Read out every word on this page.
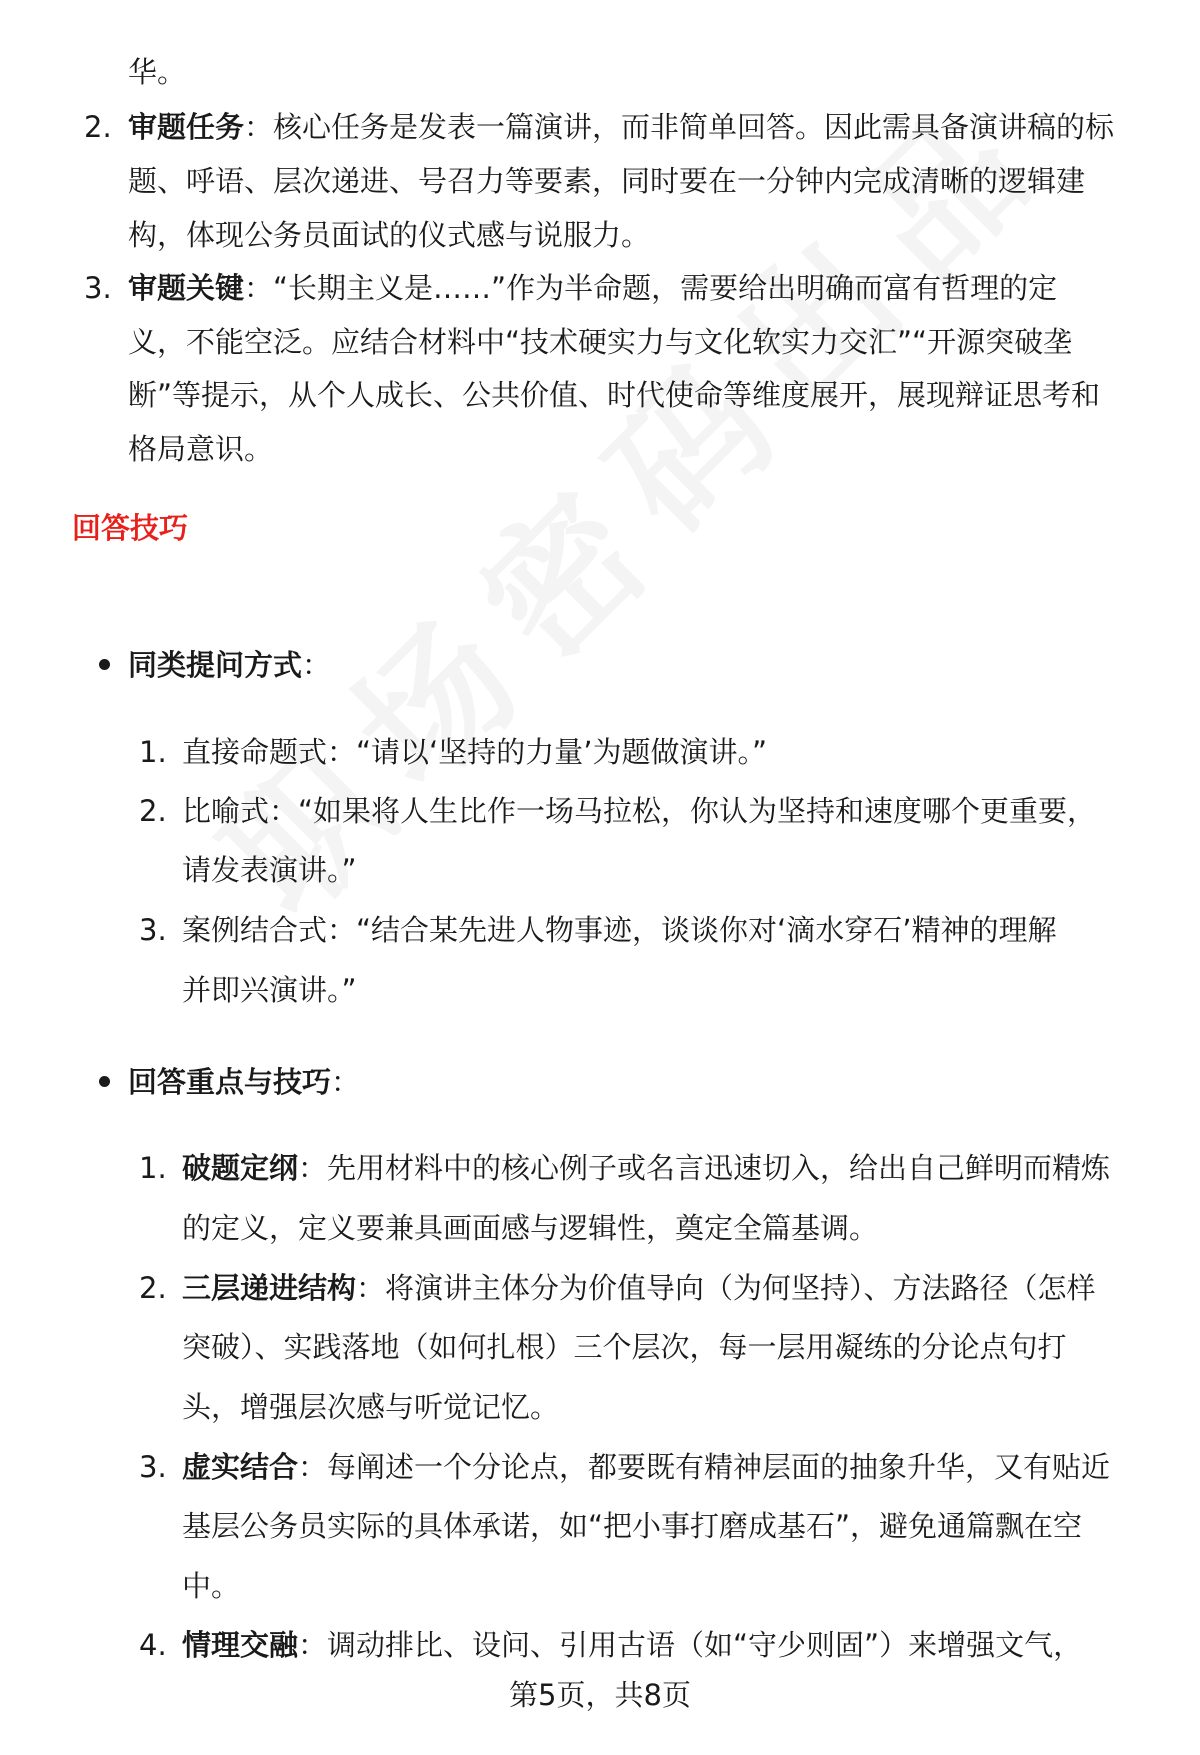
华。
2. 审题任务：核心任务是发表一篇演讲，而非简单回答。因此需具备演讲稿的标
题、呼语、层次递进、号召力等要素，同时要在一分钟内完成清晰的逻辑建
构，体现公务员面试的仪式感与说服力。
3. 审题关键：“长期主义是……”作为半命题，需要给出明确而富有哲理的定
义，不能空泛。应结合材料中“技术硬实力与文化软实力交汇”“开源突破垄
断”等提示，从个人成长、公共价值、时代使命等维度展开，展现辩证思考和
格局意识。
回答技巧
同类提问方式：
1. 直接命题式：“请以‘坚持的力量’为题做演讲。”
2. 比喻式：“如果将人生比作一场马拉松，你认为坚持和速度哪个更重要，
请发表演讲。”
3. 案例结合式：“结合某先进人物事迹，谈谈你对‘滴水穿石’精神的理解
并即兴演讲。”
回答重点与技巧：
1. 破题定纲：先用材料中的核心例子或名言迅速切入，给出自己鲜明而精炼
的定义，定义要兼具画面感与逻辑性，奠定全篇基调。
2. 三层递进结构：将演讲主体分为价值导向（为何坚持）、方法路径（怎样
突破）、实践落地（如何扎根）三个层次，每一层用凝练的分论点句打
头，增强层次感与听觉记忆。
3. 虚实结合：每阐述一个分论点，都要既有精神层面的抽象升华，又有贴近
基层公务员实际的具体承诺，如“把小事打磨成基石”，避免通篇飘在空
中。
4. 情理交融：调动排比、设问、引用古语（如“守少则固”）来增强文气，
第5页，共8页
